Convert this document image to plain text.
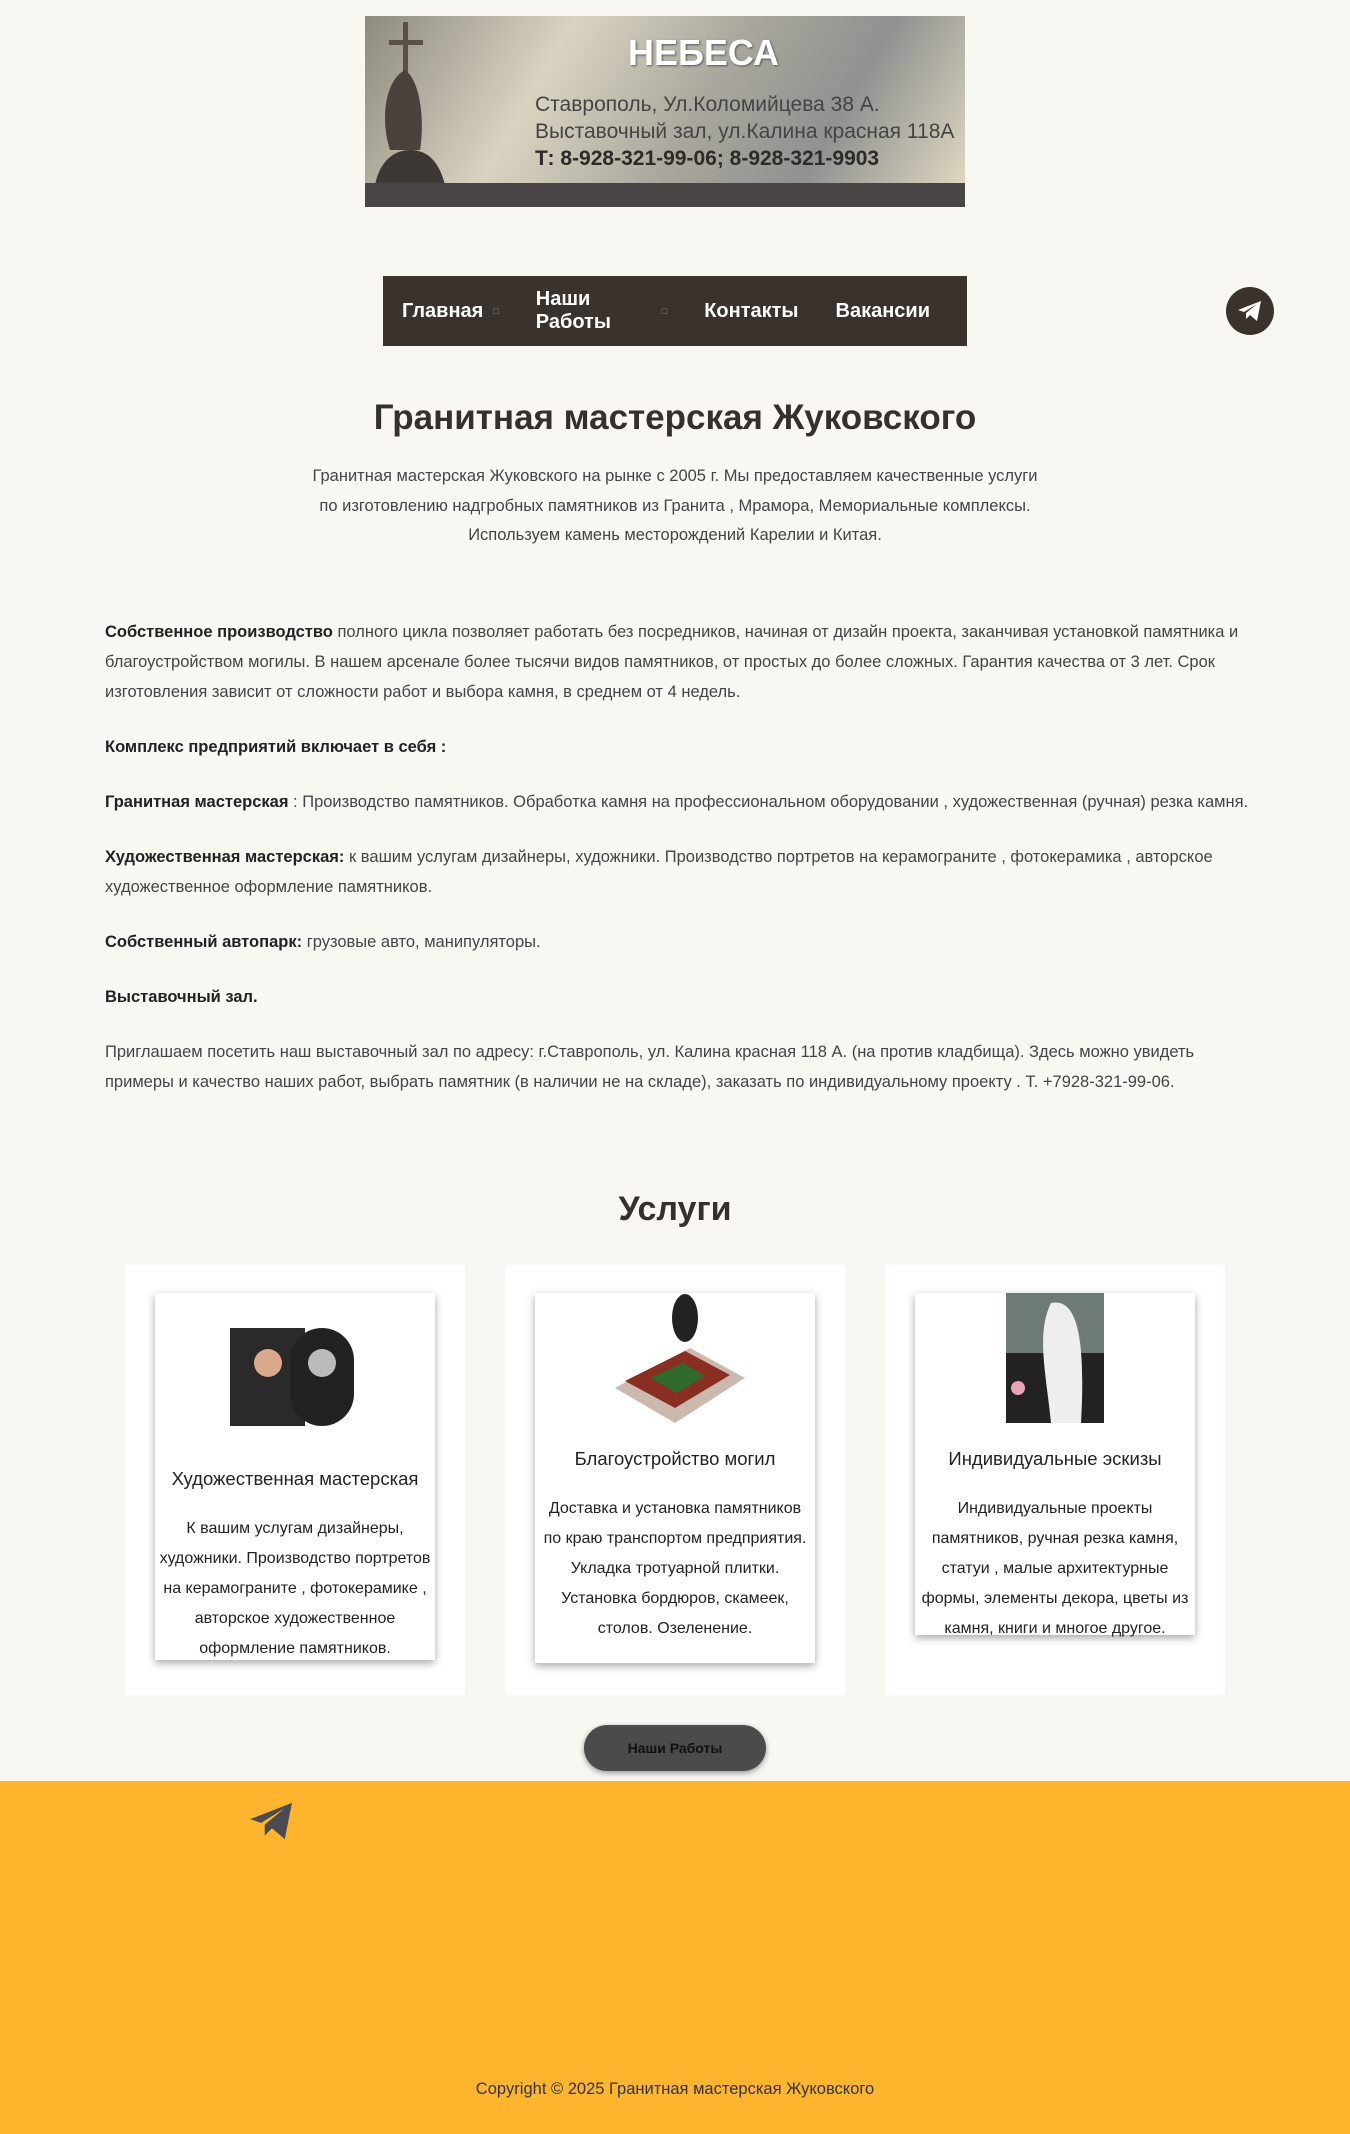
НЕБЕСА
Ставрополь, Ул.Коломийцева 38 А.
Выставочный зал, ул.Калина красная 118А
Т: 8-928-321-99-06; 8-928-321-9903
Главная □
Наши Работы	□ Контакты Вакансии
Гранитная мастерская Жуковского
Гранитная мастерская Жуковского на рынке с 2005 г. Мы предоставляем качественные услуги
по изготовлению надгробных памятников из Гранита , Мрамора, Мемориальные комплексы.
Используем камень месторождений Карелии и Китая.

Собственное производство полного цикла позволяет работать без посредников, начиная от дизайн проекта, заканчивая установкой памятника и благоустройством могилы. В нашем арсенале более тысячи видов памятников, от простых до более сложных. Гарантия качества от 3 лет. Срок изготовления зависит от сложности работ и выбора камня, в среднем от 4 недель.

Комплекс предприятий включает в себя :

Гранитная мастерская : Производство памятников. Обработка камня на профессиональном оборудовании , художественная (ручная) резка камня.

Художественная мастерская: к вашим услугам дизайнеры, художники. Производство портретов на керамограните , фотокерамика , авторское художественное оформление памятников.

Собственный автопарк: грузовые авто, манипуляторы.

Выставочный зал.

Приглашаем посетить наш выставочный зал по адресу: г.Ставрополь, ул. Калина красная 118 А. (на против кладбища). Здесь можно увидеть примеры и качество наших работ, выбрать памятник (в наличии не на складе), заказать по индивидуальному проекту . Т. +7928-321-99-06.

Услуги
Художественная мастерская
К вашим услугам дизайнеры, художники. Производство портретов на керамограните , фотокерамике , авторское художественное оформление памятников.
Благоустройство могил
Доставка и установка памятников по краю транспортом предприятия. Укладка тротуарной плитки. Установка бордюров, скамеек, столов. Озеленение.
Индивидуальные эскизы
Индивидуальные проекты памятников, ручная резка камня, статуи , малые архитектурные формы, элементы декора, цветы из камня, книги и многое другое.
Наши Работы
Copyright © 2025 Гранитная мастерская Жуковского
